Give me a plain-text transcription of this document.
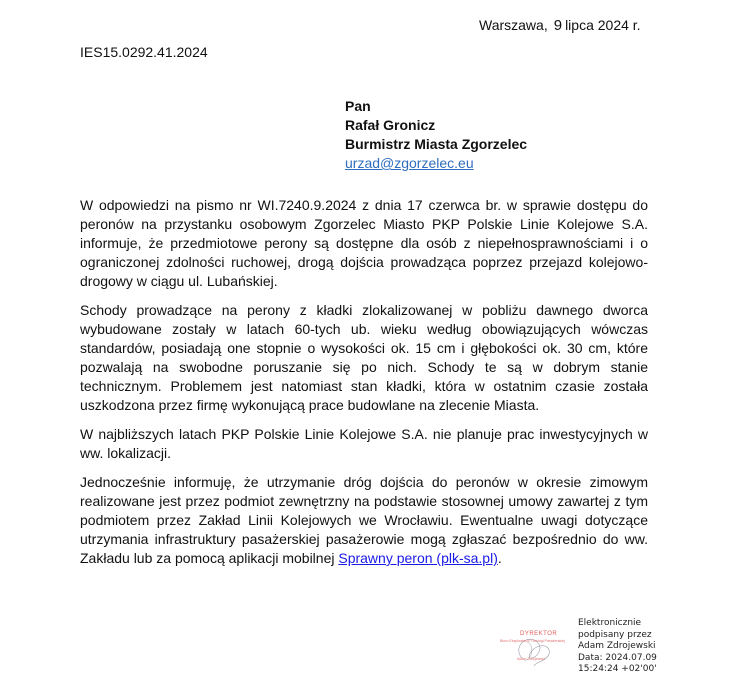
Warszawa, 9 lipca 2024 r.
IES15.0292.41.2024
Pan
Rafał Gronicz
Burmistrz Miasta Zgorzelec
urzad@zgorzelec.eu

W odpowiedzi na pismo nr WI.7240.9.2024 z dnia 17 czerwca br. w sprawie dostępu do peronów na przystanku osobowym Zgorzelec Miasto PKP Polskie Linie Kolejowe S.A. informuje, że przedmiotowe perony są dostępne dla osób z niepełnosprawnościami i o ograniczonej zdolności ruchowej, drogą dojścia prowadząca poprzez przejazd kolejowo-drogowy w ciągu ul. Lubańskiej.

Schody prowadzące na perony z kładki zlokalizowanej w pobliżu dawnego dworca wybudowane zostały w latach 60-tych ub. wieku według obowiązujących wówczas standardów, posiadają one stopnie o wysokości ok. 15 cm i głębokości ok. 30 cm, które pozwalają na swobodne poruszanie się po nich. Schody te są w dobrym stanie technicznym. Problemem jest natomiast stan kładki, która w ostatnim czasie została uszkodzona przez firmę wykonującą prace budowlane na zlecenie Miasta.

W najbliższych latach PKP Polskie Linie Kolejowe S.A. nie planuje prac inwestycyjnych w ww. lokalizacji.

Jednocześnie informuję, że utrzymanie dróg dojścia do peronów w okresie zimowym realizowane jest przez podmiot zewnętrzny na podstawie stosownej umowy zawartej z tym podmiotem przez Zakład Linii Kolejowych we Wrocławiu. Ewentualne uwagi dotyczące utrzymania infrastruktury pasażerskiej pasażerowie mogą zgłaszać bezpośrednio do ww. Zakładu lub za pomocą aplikacji mobilnej Sprawny peron (plk-sa.pl).

DYREKTOR
Biuro Eksploatacji i Obsługi Pasażerskiej
Adam Zdrojewski
Elektronicznie
podpisany przez
Adam Zdrojewski
Data: 2024.07.09
15:24:24 +02'00'
